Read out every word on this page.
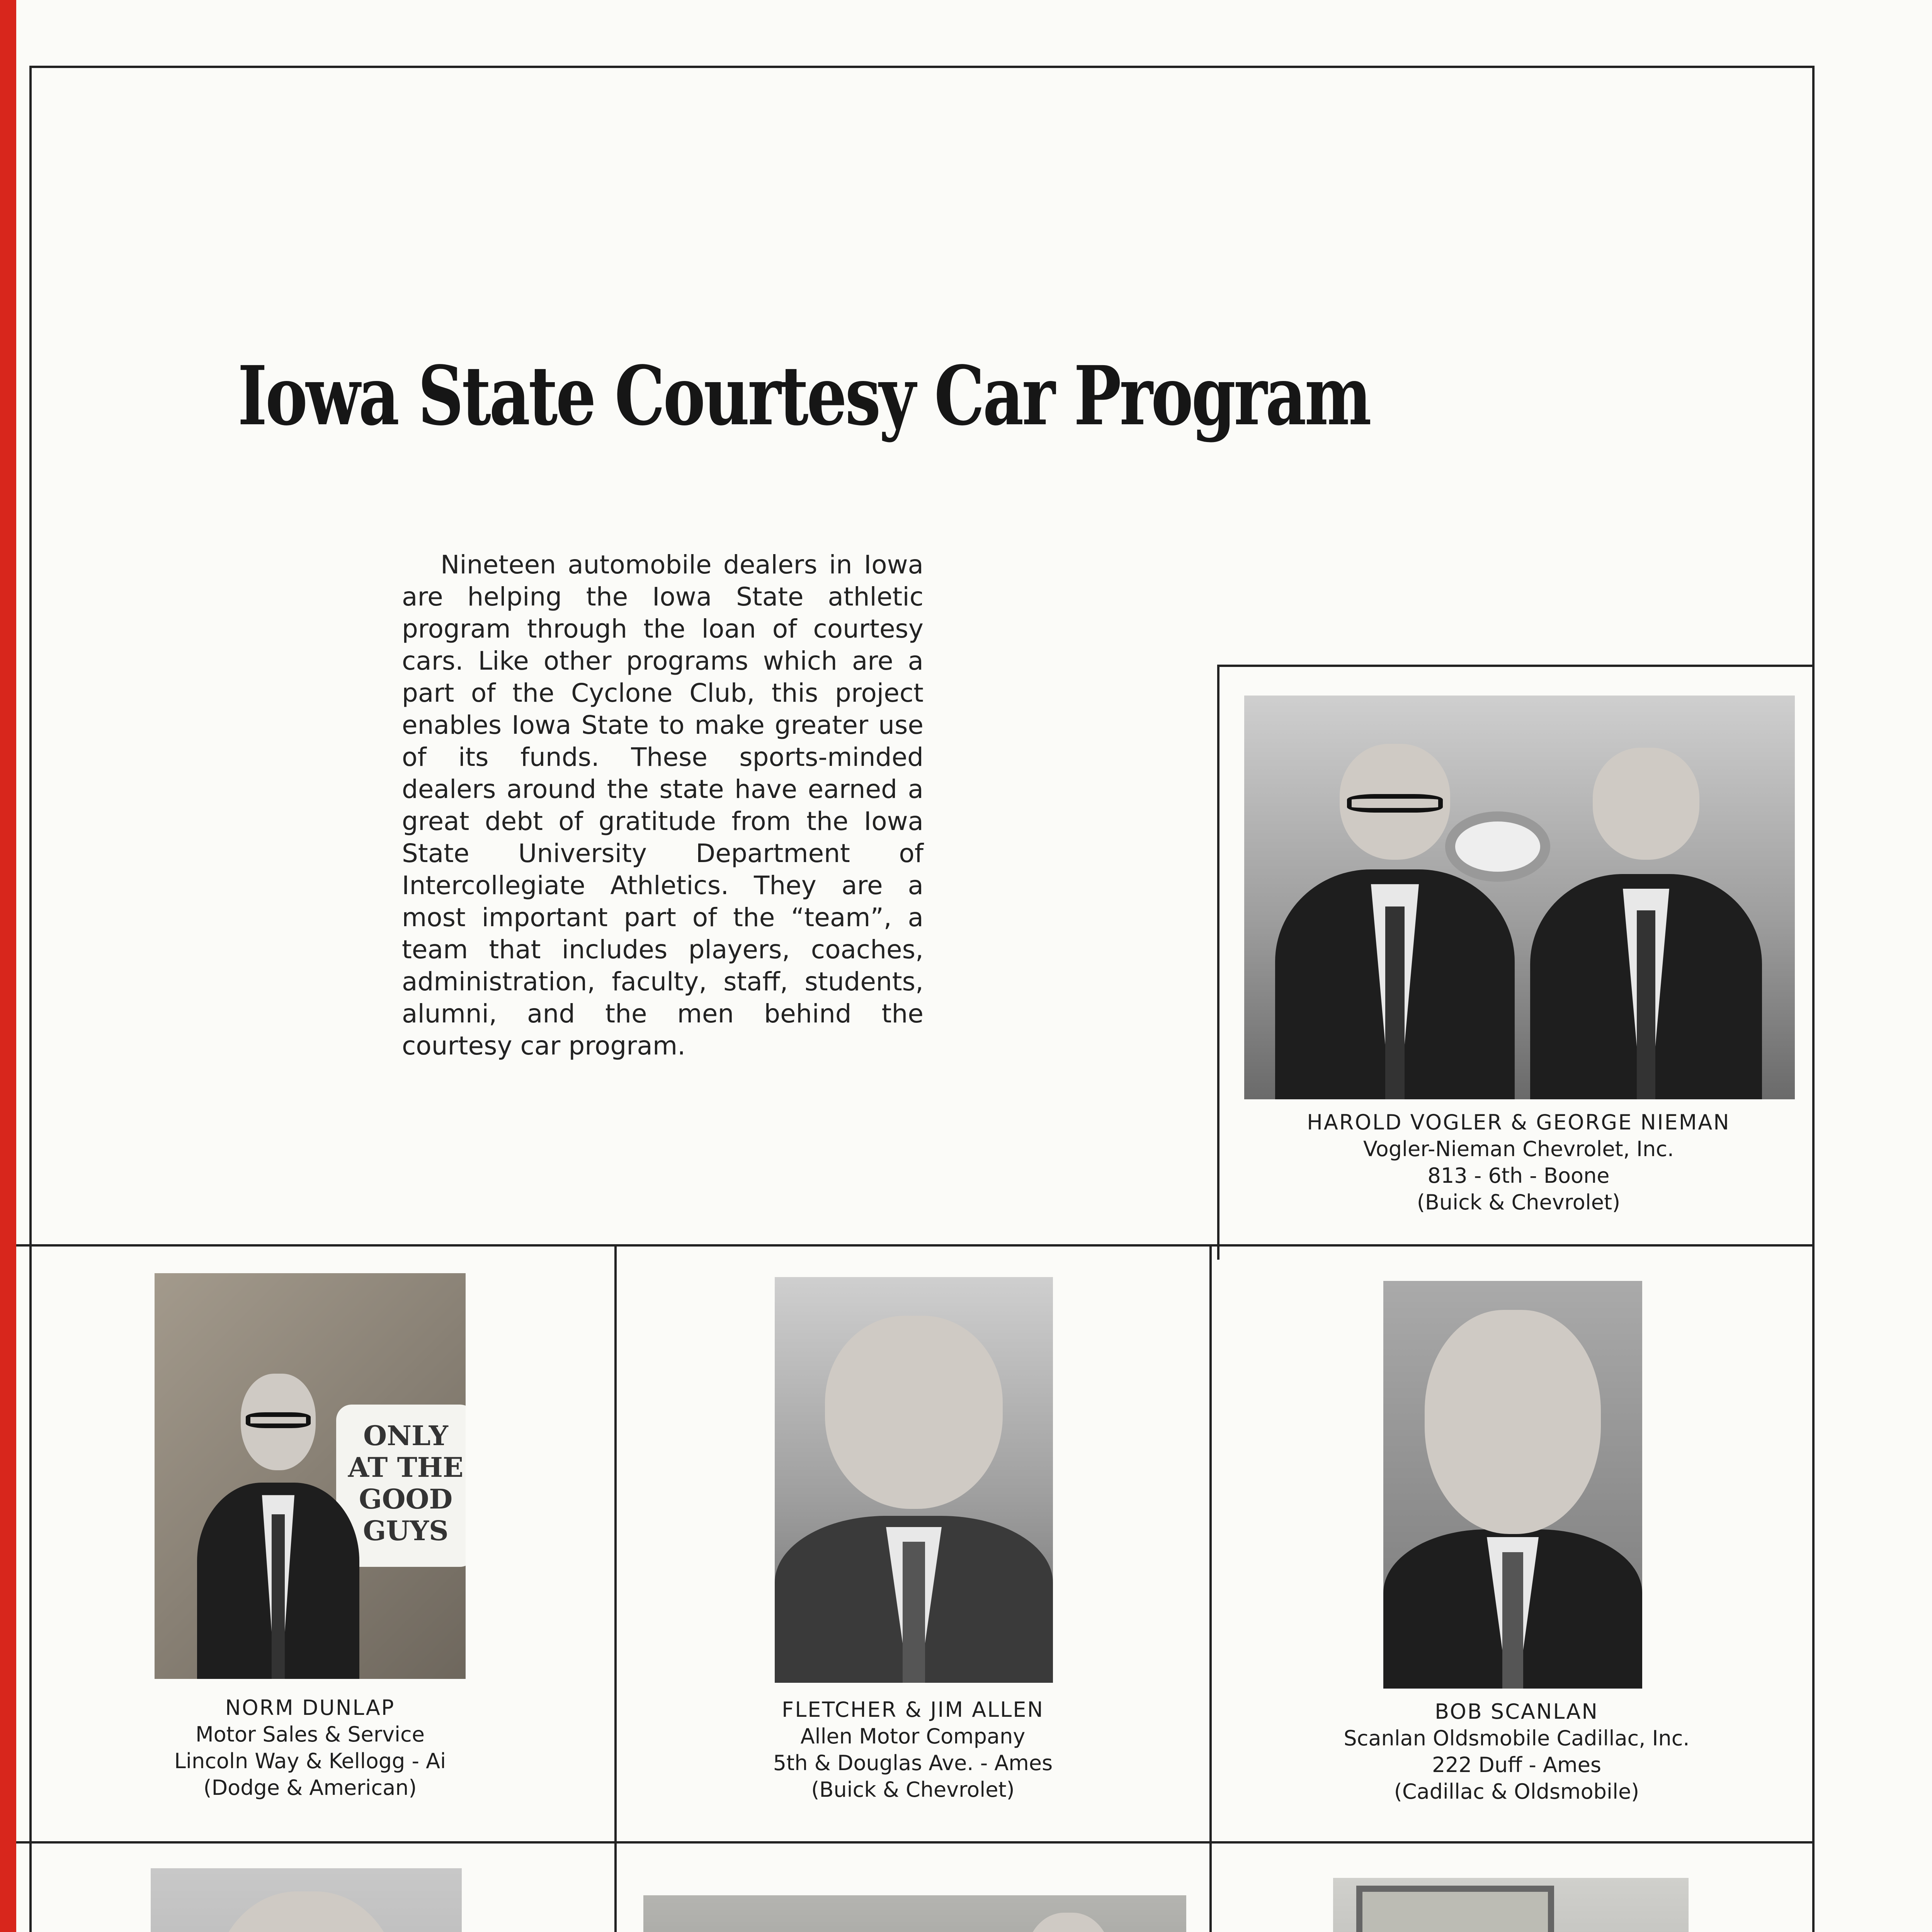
Iowa State Courtesy Car Program

Nineteen automobile dealers in Iowa are helping the Iowa State athletic program through the loan of courtesy cars. Like other programs which are a part of the Cyclone Club, this project enables Iowa State to make greater use of its funds. These sports-minded dealers around the state have earned a great debt of gratitude from the Iowa State University Department of Intercollegiate Athletics. They are a most important part of the “team”, a team that includes players, coaches, administration, faculty, staff, students, alumni, and the men behind the courtesy car program.

HAROLD VOGLER & GEORGE NIEMAN
Vogler-Nieman Chevrolet, Inc.
813 - 6th - Boone
(Buick & Chevrolet)
ONLY
AT THE
GOOD
GUYS
NORM DUNLAP
Motor Sales & Service
Lincoln Way & Kellogg - Ai
(Dodge & American)
FLETCHER & JIM ALLEN
Allen Motor Company
5th & Douglas Ave. - Ames
(Buick & Chevrolet)
BOB SCANLAN
Scanlan Oldsmobile Cadillac, Inc.
222 Duff - Ames
(Cadillac & Oldsmobile)
